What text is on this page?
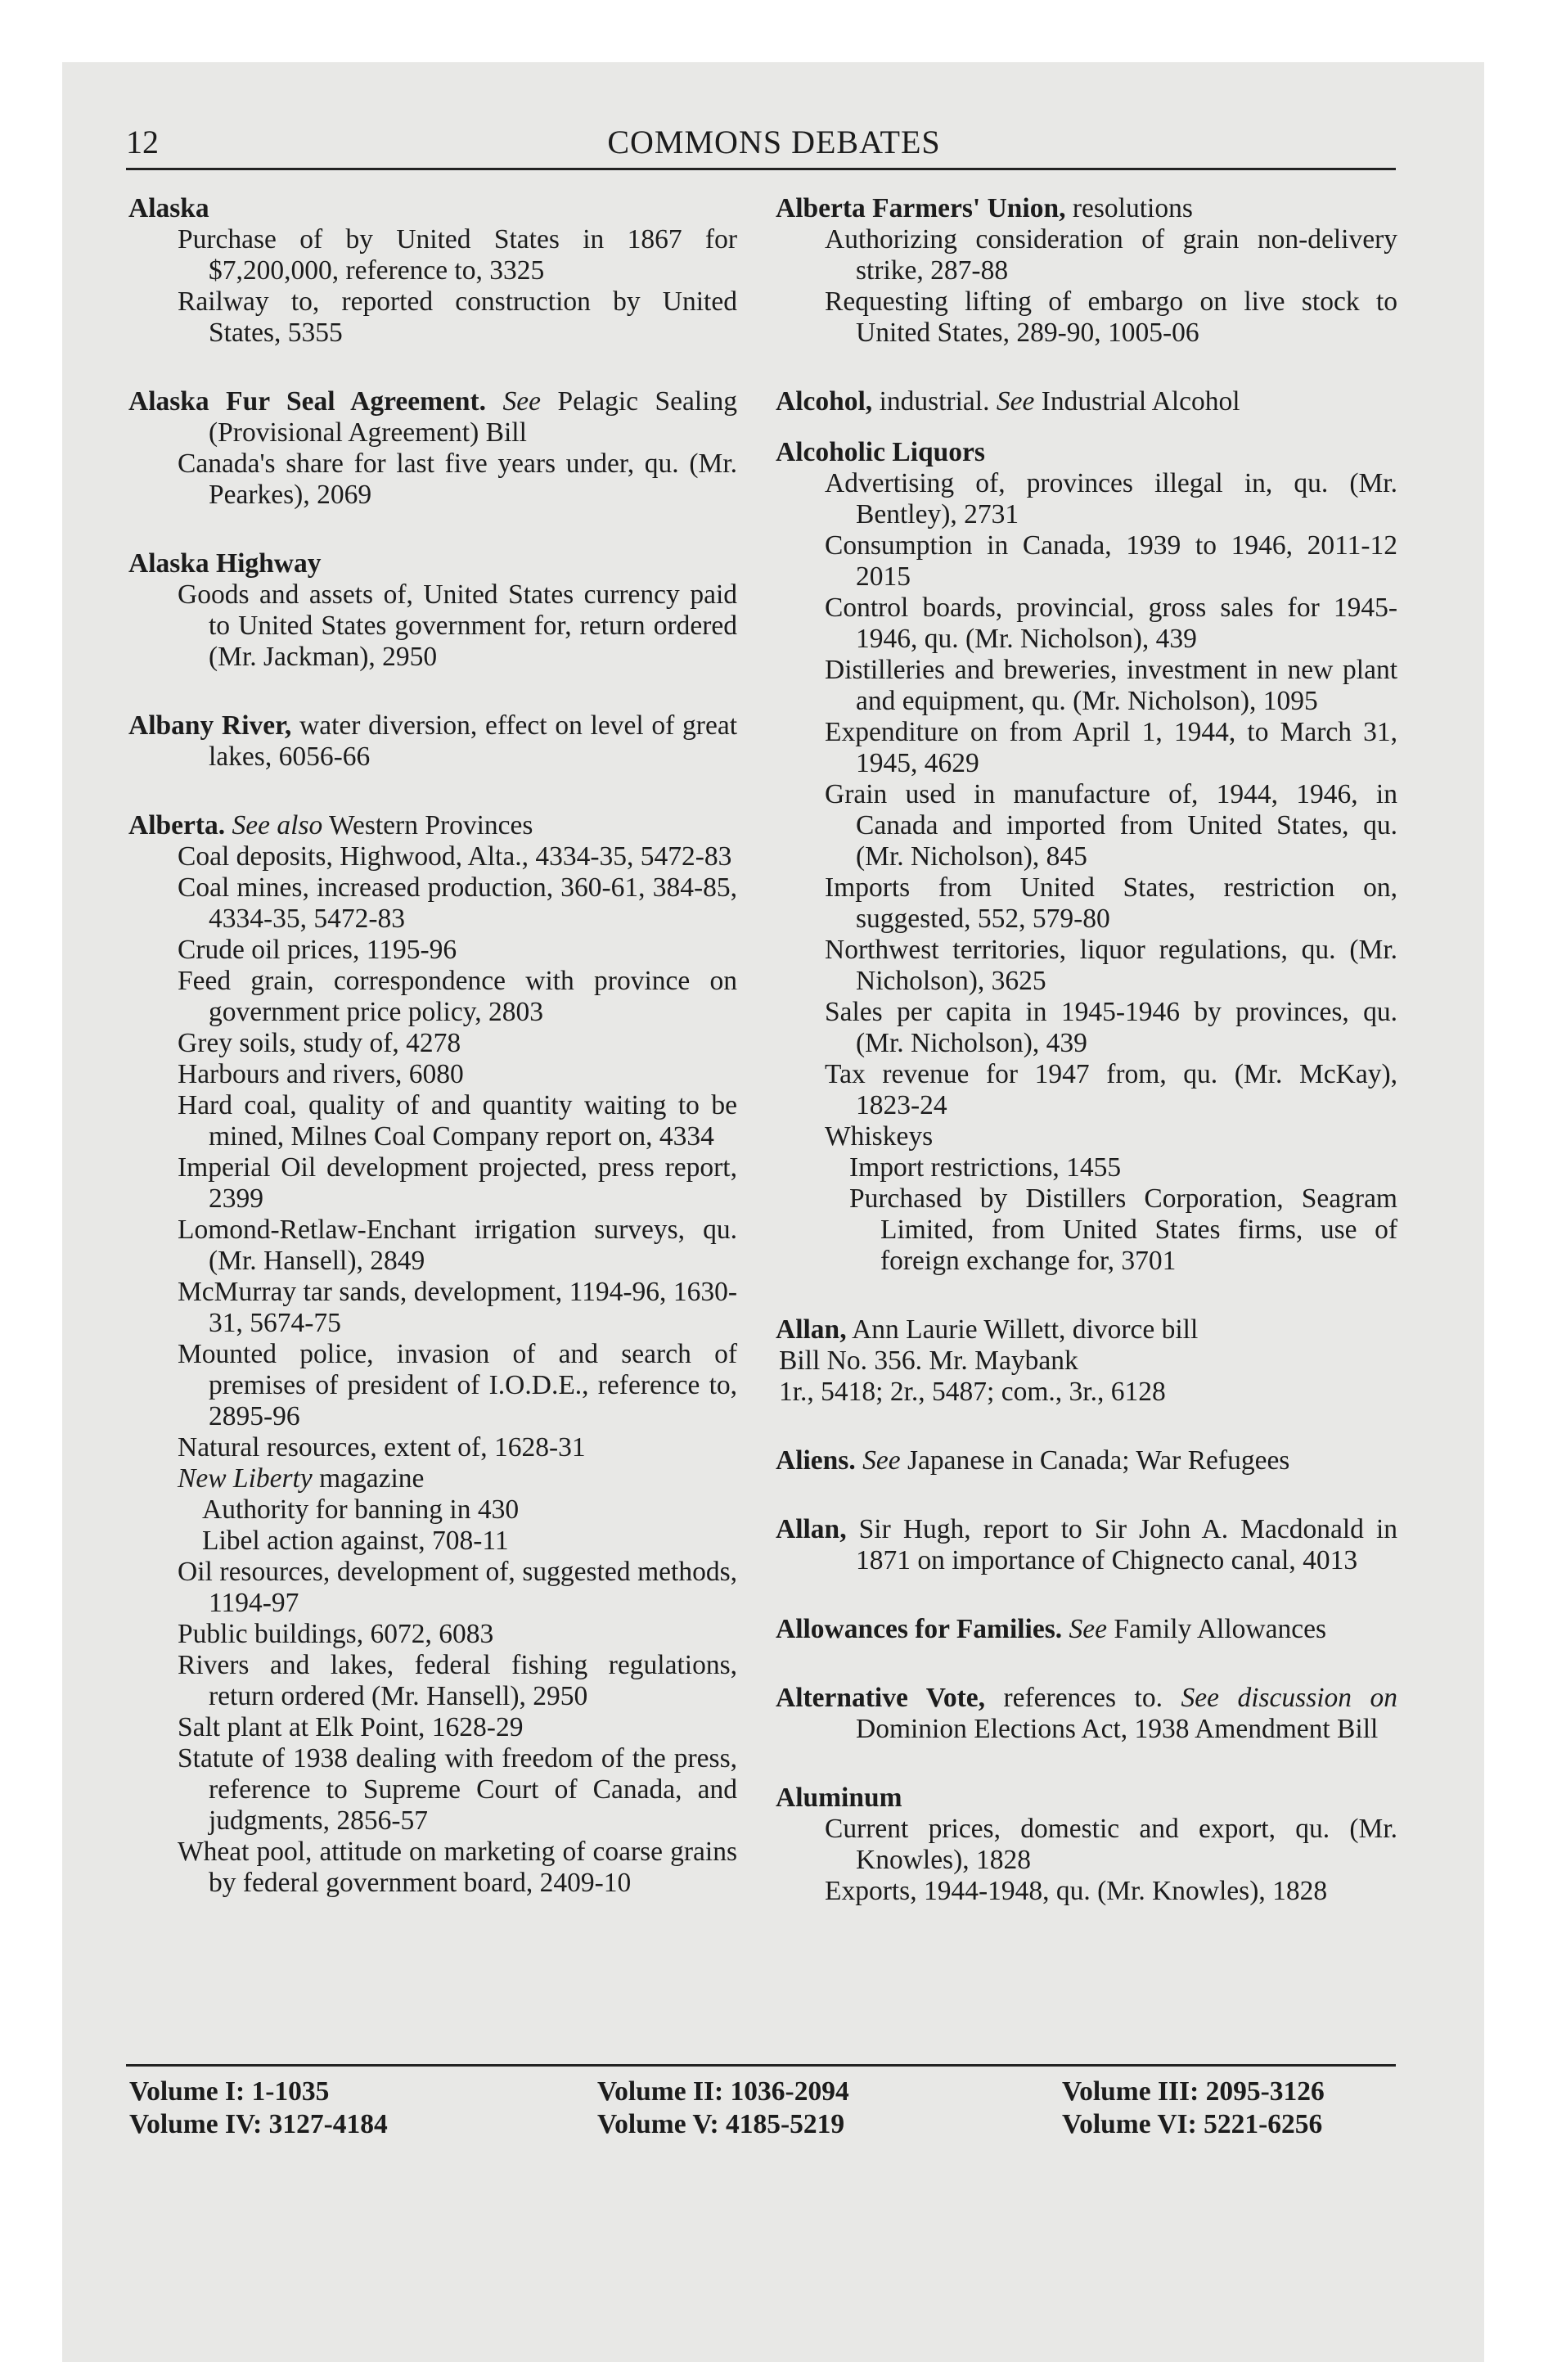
12	COMMONS DEBATES
Alaska
Purchase of by United States in 1867 for $7,200,000, reference to, 3325
Railway to, reported construction by United States, 5355
Alaska Fur Seal Agreement. See Pelagic Sealing (Provisional Agreement) Bill
Canada's share for last five years under, qu. (Mr. Pearkes), 2069
Alaska Highway
Goods and assets of, United States currency paid to United States government for, return ordered (Mr. Jackman), 2950
Albany River, water diversion, effect on level of great lakes, 6056-66
Alberta. See also Western Provinces
Coal deposits, Highwood, Alta., 4334-35, 5472-83
Coal mines, increased production, 360-61, 384-85, 4334-35, 5472-83
Crude oil prices, 1195-96
Feed grain, correspondence with province on government price policy, 2803
Grey soils, study of, 4278
Harbours and rivers, 6080
Hard coal, quality of and quantity waiting to be mined, Milnes Coal Company report on, 4334
Imperial Oil development projected, press report, 2399
Lomond-Retlaw-Enchant irrigation surveys, qu. (Mr. Hansell), 2849
McMurray tar sands, development, 1194-96, 1630-31, 5674-75
Mounted police, invasion of and search of premises of president of I.O.D.E., reference to, 2895-96
Natural resources, extent of, 1628-31
New Liberty magazine
Authority for banning in 430
Libel action against, 708-11
Oil resources, development of, suggested methods, 1194-97
Public buildings, 6072, 6083
Rivers and lakes, federal fishing regulations, return ordered (Mr. Hansell), 2950
Salt plant at Elk Point, 1628-29
Statute of 1938 dealing with freedom of the press, reference to Supreme Court of Canada, and judgments, 2856-57
Wheat pool, attitude on marketing of coarse grains by federal government board, 2409-10
Alberta Farmers' Union, resolutions
Authorizing consideration of grain non-delivery strike, 287-88
Requesting lifting of embargo on live stock to United States, 289-90, 1005-06
Alcohol, industrial. See Industrial Alcohol
Alcoholic Liquors
Advertising of, provinces illegal in, qu. (Mr. Bentley), 2731
Consumption in Canada, 1939 to 1946, 2011-12 2015
Control boards, provincial, gross sales for 1945-1946, qu. (Mr. Nicholson), 439
Distilleries and breweries, investment in new plant and equipment, qu. (Mr. Nicholson), 1095
Expenditure on from April 1, 1944, to March 31, 1945, 4629
Grain used in manufacture of, 1944, 1946, in Canada and imported from United States, qu. (Mr. Nicholson), 845
Imports from United States, restriction on, suggested, 552, 579-80
Northwest territories, liquor regulations, qu. (Mr. Nicholson), 3625
Sales per capita in 1945-1946 by provinces, qu. (Mr. Nicholson), 439
Tax revenue for 1947 from, qu. (Mr. McKay), 1823-24
Whiskeys
Import restrictions, 1455
Purchased by Distillers Corporation, Seagram Limited, from United States firms, use of foreign exchange for, 3701
Allan, Ann Laurie Willett, divorce bill
Bill No. 356. Mr. Maybank
1r., 5418; 2r., 5487; com., 3r., 6128
Aliens. See Japanese in Canada; War Refugees
Allan, Sir Hugh, report to Sir John A. Macdonald in 1871 on importance of Chignecto canal, 4013
Allowances for Families. See Family Allowances
Alternative Vote, references to. See discussion on Dominion Elections Act, 1938 Amendment Bill
Aluminum
Current prices, domestic and export, qu. (Mr. Knowles), 1828
Exports, 1944-1948, qu. (Mr. Knowles), 1828
Volume I: 1-1035
Volume IV: 3127-4184
Volume II: 1036-2094
Volume V: 4185-5219
Volume III: 2095-3126
Volume VI: 5221-6256
